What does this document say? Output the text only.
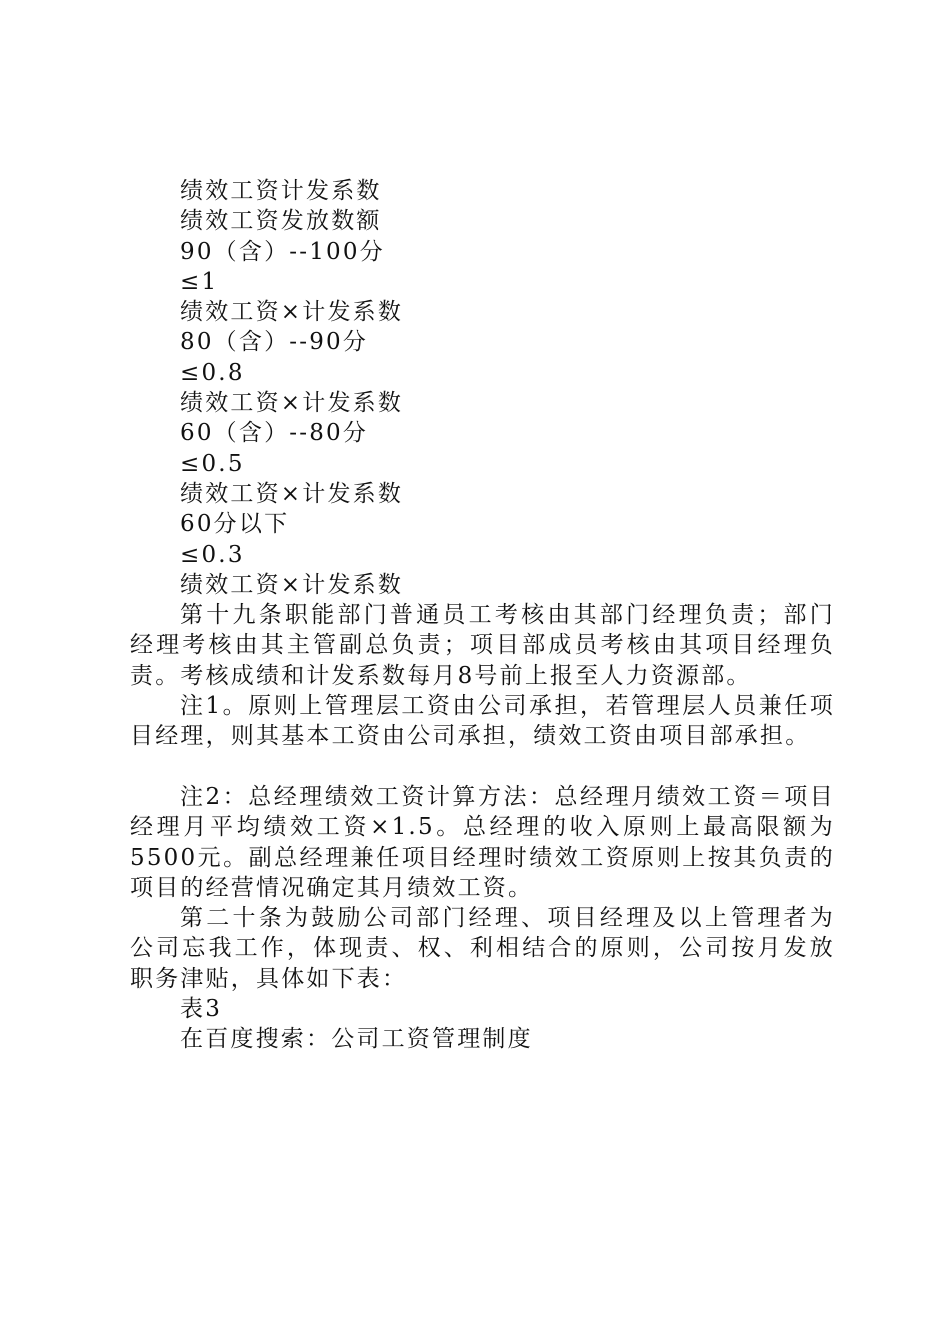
绩效工资计发系数
绩效工资发放数额
90（含）--100分
≤1
绩效工资×计发系数
80（含）--90分
≤0.8
绩效工资×计发系数
60（含）--80分
≤0.5
绩效工资×计发系数
60分以下
≤0.3
绩效工资×计发系数

第十九条职能部门普通员工考核由其部门经理负责；部门经理考核由其主管副总负责；项目部成员考核由其项目经理负责。考核成绩和计发系数每月8号前上报至人力资源部。

注1。原则上管理层工资由公司承担，若管理层人员兼任项目经理，则其基本工资由公司承担，绩效工资由项目部承担。

注2：总经理绩效工资计算方法：总经理月绩效工资＝项目经理月平均绩效工资×1.5。总经理的收入原则上最高限额为5500元。副总经理兼任项目经理时绩效工资原则上按其负责的项目的经营情况确定其月绩效工资。

第二十条为鼓励公司部门经理、项目经理及以上管理者为公司忘我工作，体现责、权、利相结合的原则，公司按月发放职务津贴，具体如下表：

表3
在百度搜索：公司工资管理制度
